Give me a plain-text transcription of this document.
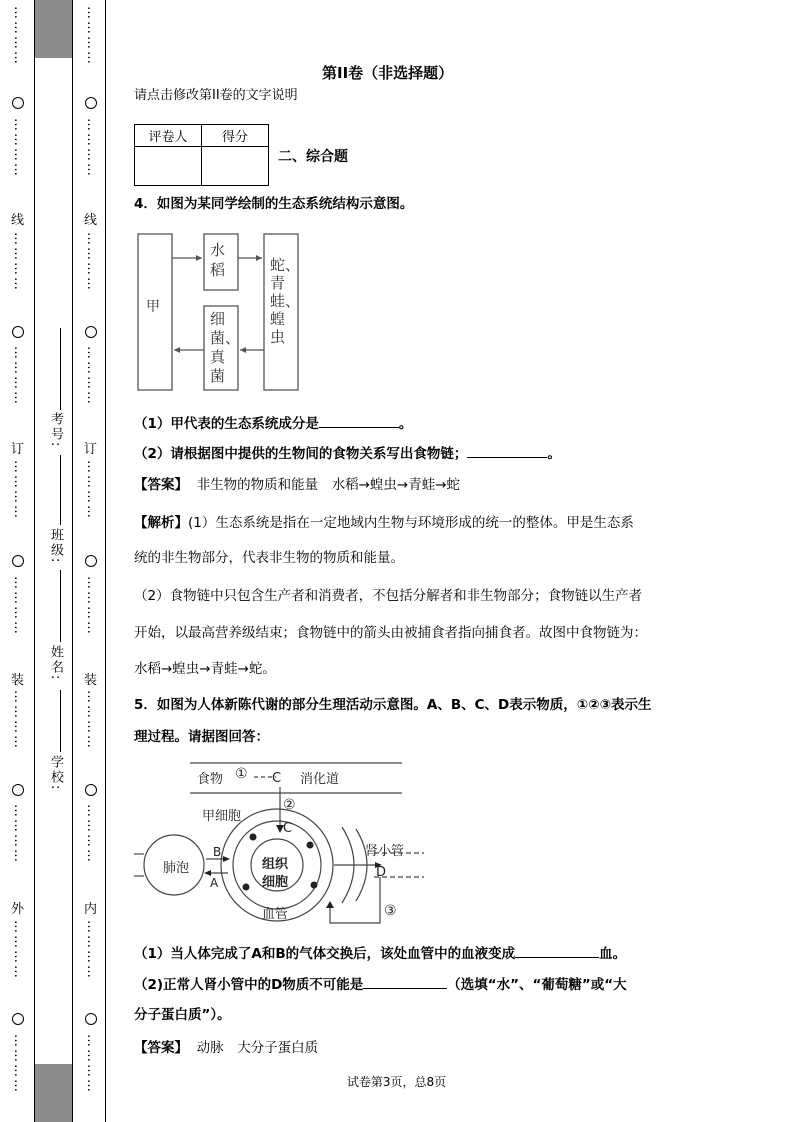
…………
…………
线
…………
…………
订
…………
…………
装
…………
…………
外
…………
…………
学校:
姓名:
班级:
考号:
…………
…………
线
…………
…………
订
…………
…………
装
…………
…………
内
…………
…………
第II卷（非选择题）
请点击修改第II卷的文字说明
评卷人	得分

二、综合题
4．如图为某同学绘制的生态系统结构示意图。
甲
水稻	蛇、青蛙、蝗虫
细菌、真菌
（1）甲代表的生态系统成分是	。
（2）请根据图中提供的生物间的食物关系写出食物链；	。
【答案】 非生物的物质和能量　水稻→蝗虫→青蛙→蛇
【解析】(1）生态系统是指在一定地域内生物与环境形成的统一的整体。甲是生态系
统的非生物部分，代表非生物的物质和能量。
（2）食物链中只包含生产者和消费者，不包括分解者和非生物部分；食物链以生产者
开始，以最高营养级结束；食物链中的箭头由被捕食者指向捕食者。故图中食物链为：
水稻→蝗虫→青蛙→蛇。
5．如图为人体新陈代谢的部分生理活动示意图。A、B、C、D表示物质，①②③表示生
理过程。请据图回答：
食物 ① C 消化道
②
甲细胞
C
肺泡
B
A
组织
细胞
血管
肾小管
D
③
（1）当人体完成了A和B的气体交换后，该处血管中的血液变成	血。
（2)正常人肾小管中的D物质不可能是	（选填“水”、“葡萄糖”或“大
分子蛋白质”）。
【答案】 动脉　大分子蛋白质
试卷第3页，总8页
